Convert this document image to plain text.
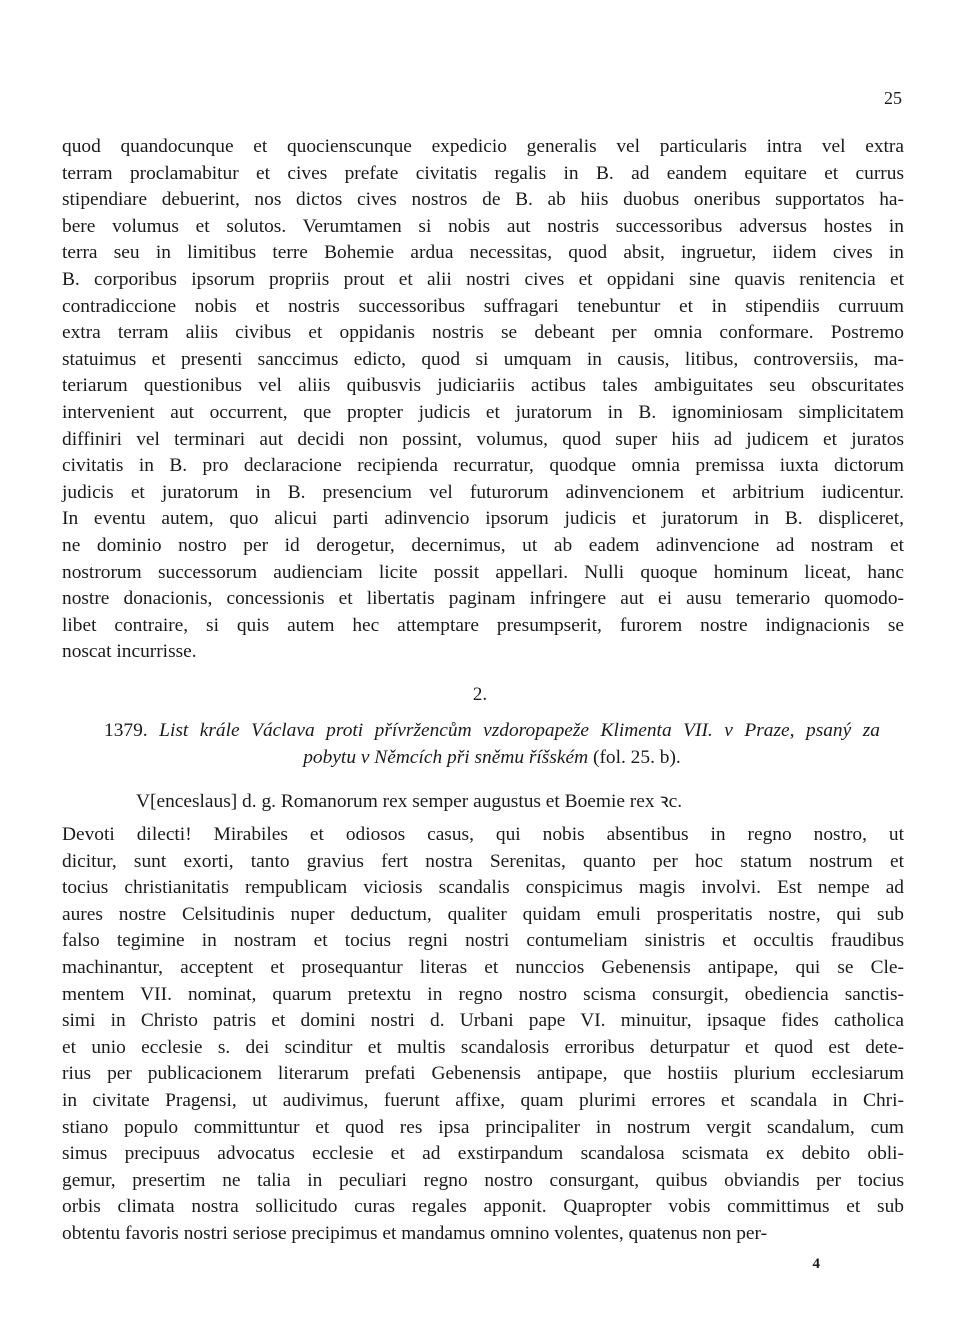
25
quod quandocunque et quocienscunque expedicio generalis vel particularis intra vel extra
terram proclamabitur et cives prefate civitatis regalis in B. ad eandem equitare et currus
stipendiare debuerint, nos dictos cives nostros de B. ab hiis duobus oneribus supportatos ha-
bere volumus et solutos. Verumtamen si nobis aut nostris successoribus adversus hostes in
terra seu in limitibus terre Bohemie ardua necessitas, quod absit, ingruetur, iidem cives in
B. corporibus ipsorum propriis prout et alii nostri cives et oppidani sine quavis renitencia et
contradiccione nobis et nostris successoribus suffragari tenebuntur et in stipendiis curruum
extra terram aliis civibus et oppidanis nostris se debeant per omnia conformare. Postremo
statuimus et presenti sanccimus edicto, quod si umquam in causis, litibus, controversiis, ma-
teriarum questionibus vel aliis quibusvis judiciariis actibus tales ambiguitates seu obscuritates
intervenient aut occurrent, que propter judicis et juratorum in B. ignominiosam simplicitatem
diffiniri vel terminari aut decidi non possint, volumus, quod super hiis ad judicem et juratos
civitatis in B. pro declaracione recipienda recurratur, quodque omnia premissa iuxta dictorum
judicis et juratorum in B. presencium vel futurorum adinvencionem et arbitrium iudicentur.
In eventu autem, quo alicui parti adinvencio ipsorum judicis et juratorum in B. displiceret,
ne dominio nostro per id derogetur, decernimus, ut ab eadem adinvencione ad nostram et
nostrorum successorum audienciam licite possit appellari. Nulli quoque hominum liceat, hanc
nostre donacionis, concessionis et libertatis paginam infringere aut ei ausu temerario quomodo-
libet contraire, si quis autem hec attemptare presumpserit, furorem nostre indignacionis se
noscat incurrisse.
2.
1379. List krále Václava proti přívržencům vzdoropapeže Klimenta VII. v Praze, psaný za
pobytu v Němcích při sněmu říšském (fol. 25. b).
V[enceslaus] d. g. Romanorum rex semper augustus et Boemie rex ꝛc.
Devoti dilecti! Mirabiles et odiosos casus, qui nobis absentibus in regno nostro, ut
dicitur, sunt exorti, tanto gravius fert nostra Serenitas, quanto per hoc statum nostrum et
tocius christianitatis rempublicam viciosis scandalis conspicimus magis involvi. Est nempe ad
aures nostre Celsitudinis nuper deductum, qualiter quidam emuli prosperitatis nostre, qui sub
falso tegimine in nostram et tocius regni nostri contumeliam sinistris et occultis fraudibus
machinantur, acceptent et prosequantur literas et nunccios Gebenensis antipape, qui se Cle-
mentem VII. nominat, quarum pretextu in regno nostro scisma consurgit, obediencia sanctis-
simi in Christo patris et domini nostri d. Urbani pape VI. minuitur, ipsaque fides catholica
et unio ecclesie s. dei scinditur et multis scandalosis erroribus deturpatur et quod est dete-
rius per publicacionem literarum prefati Gebenensis antipape, que hostiis plurium ecclesiarum
in civitate Pragensi, ut audivimus, fuerunt affixe, quam plurimi errores et scandala in Chri-
stiano populo committuntur et quod res ipsa principaliter in nostrum vergit scandalum, cum
simus precipuus advocatus ecclesie et ad exstirpandum scandalosa scismata ex debito obli-
gemur, presertim ne talia in peculiari regno nostro consurgant, quibus obviandis per tocius
orbis climata nostra sollicitudo curas regales apponit. Quapropter vobis committimus et sub
obtentu favoris nostri seriose precipimus et mandamus omnino volentes, quatenus non per-
4
